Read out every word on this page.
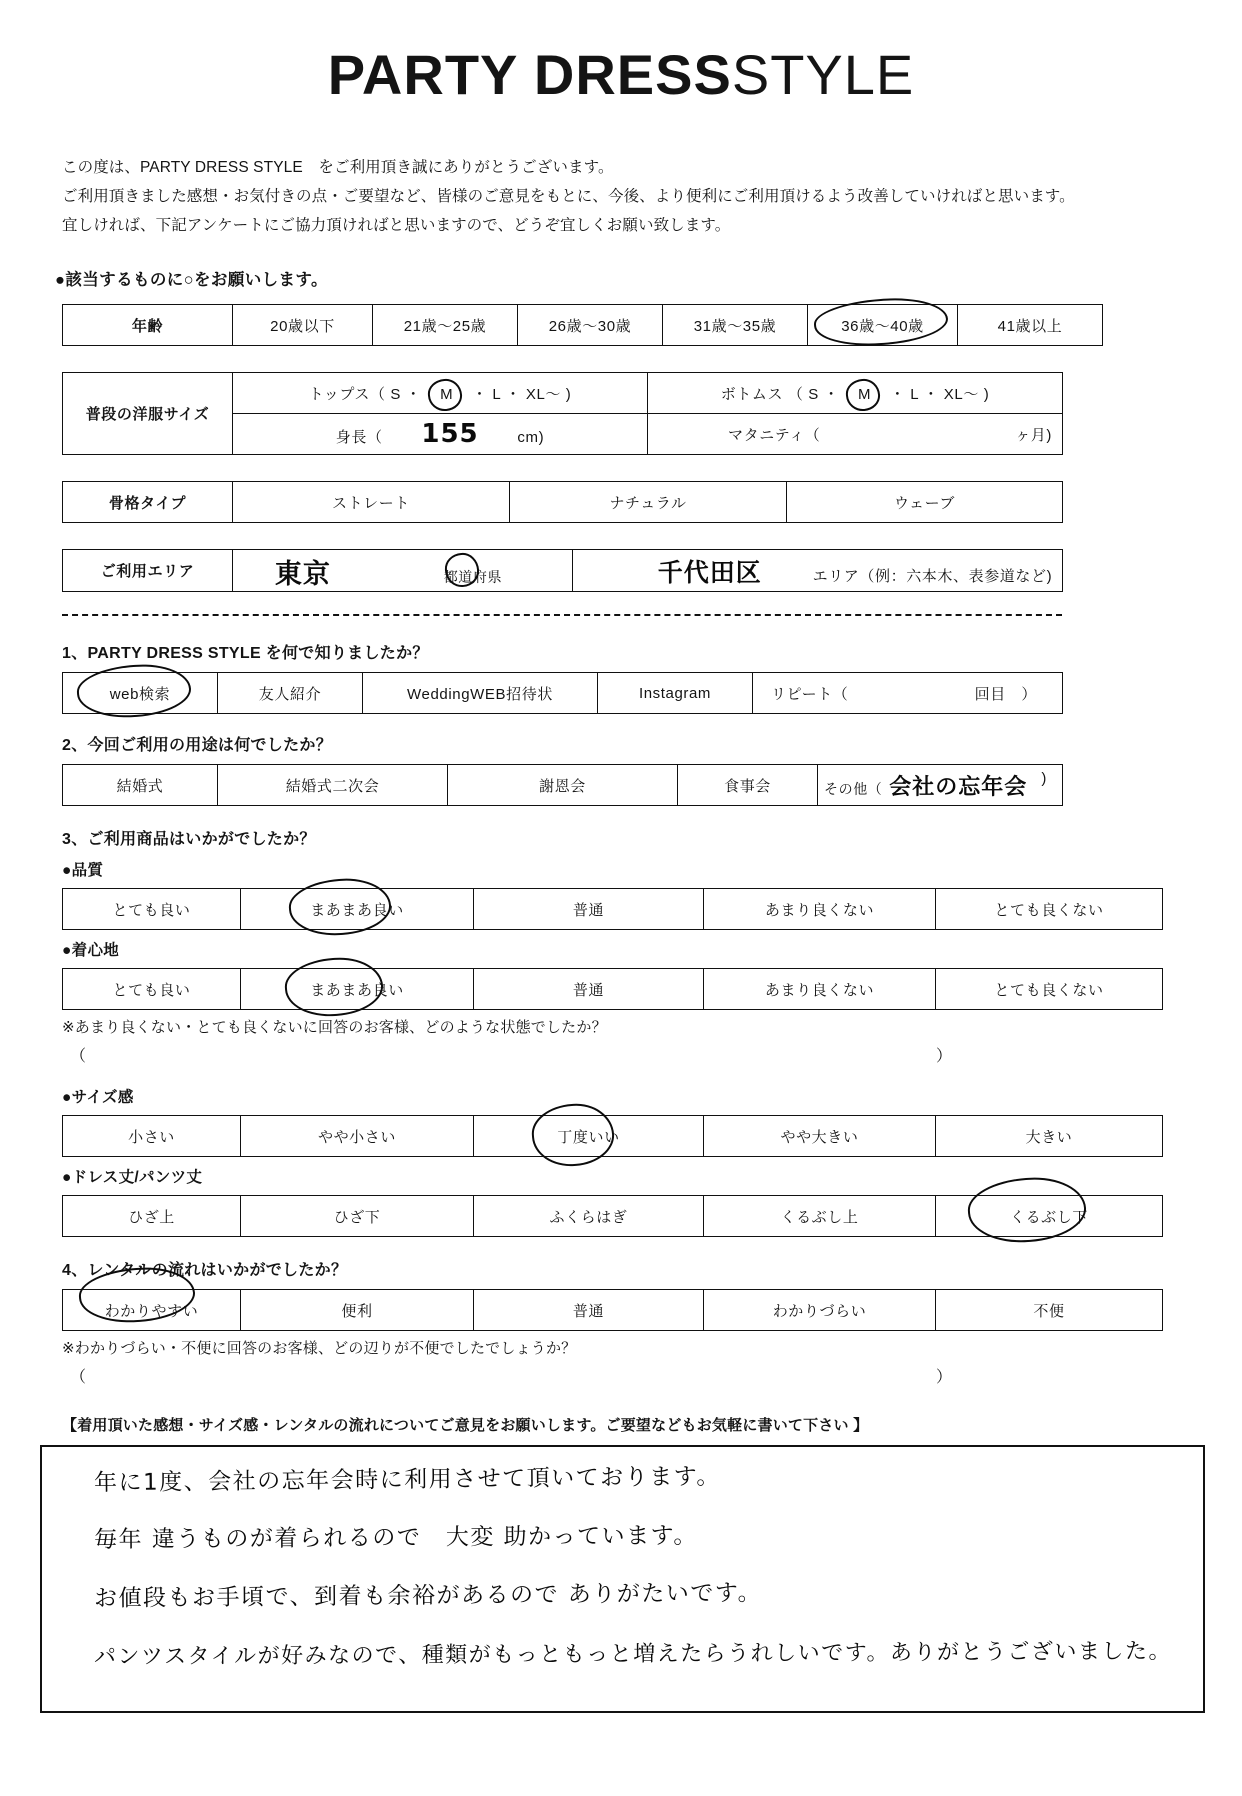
PARTY DRESSSTYLE
この度は、PARTY DRESS STYLE　をご利用頂き誠にありがとうございます。
ご利用頂きました感想・お気付きの点・ご要望など、皆様のご意見をもとに、今後、より便利にご利用頂けるよう改善していければと思います。
宜しければ、下記アンケートにご協力頂ければと思いますので、どうぞ宜しくお願い致します。
●該当するものに○をお願いします。
年齢	20歳以下	21歳～25歳	26歳～30歳	31歳～35歳	36歳～40歳	41歳以上
普段の洋服サイズ	トップス（ S ・ M ・ L ・ XL～ )	ボトムス （ S ・ M ・ L ・ XL～ )
	身長（ 155 cm)	マタニティ（ ヶ月)
骨格タイプ	ストレート	ナチュラル	ウェーブ
ご利用エリア	東京	都道府県	千代田区	エリア（例：六本木、表参道など)
1、PARTY DRESS STYLE を何で知りましたか？
web検索	友人紹介	WeddingWEB招待状	Instagram	リピート（	回目　）
2、今回ご利用の用途は何でしたか？
結婚式	結婚式二次会	謝恩会	食事会	その他（ 会社の忘年会 )
3、ご利用商品はいかがでしたか？
●品質
とても良い	まあまあ良い	普通	あまり良くない	とても良くない
●着心地
とても良い	まあまあ良い	普通	あまり良くない	とても良くない
※あまり良くない・とても良くないに回答のお客様、どのような状態でしたか？
（	）
●サイズ感
小さい	やや小さい	丁度いい	やや大きい	大きい
●ドレス丈/パンツ丈
ひざ上	ひざ下	ふくらはぎ	くるぶし上	くるぶし下
4、レンタルの流れはいかがでしたか？
わかりやすい	便利	普通	わかりづらい	不便
※わかりづらい・不便に回答のお客様、どの辺りが不便でしたでしょうか？
（	）
【着用頂いた感想・サイズ感・レンタルの流れについてご意見をお願いします。ご要望などもお気軽に書いて下さい 】
年に1度、会社の忘年会時に利用させて頂いております。
毎年 違うものが着られるので　大変 助かっています。
お値段もお手頃で、到着も余裕があるので ありがたいです。
パンツスタイルが好みなので、種類がもっともっと増えたらうれしいです。ありがとうございました。
